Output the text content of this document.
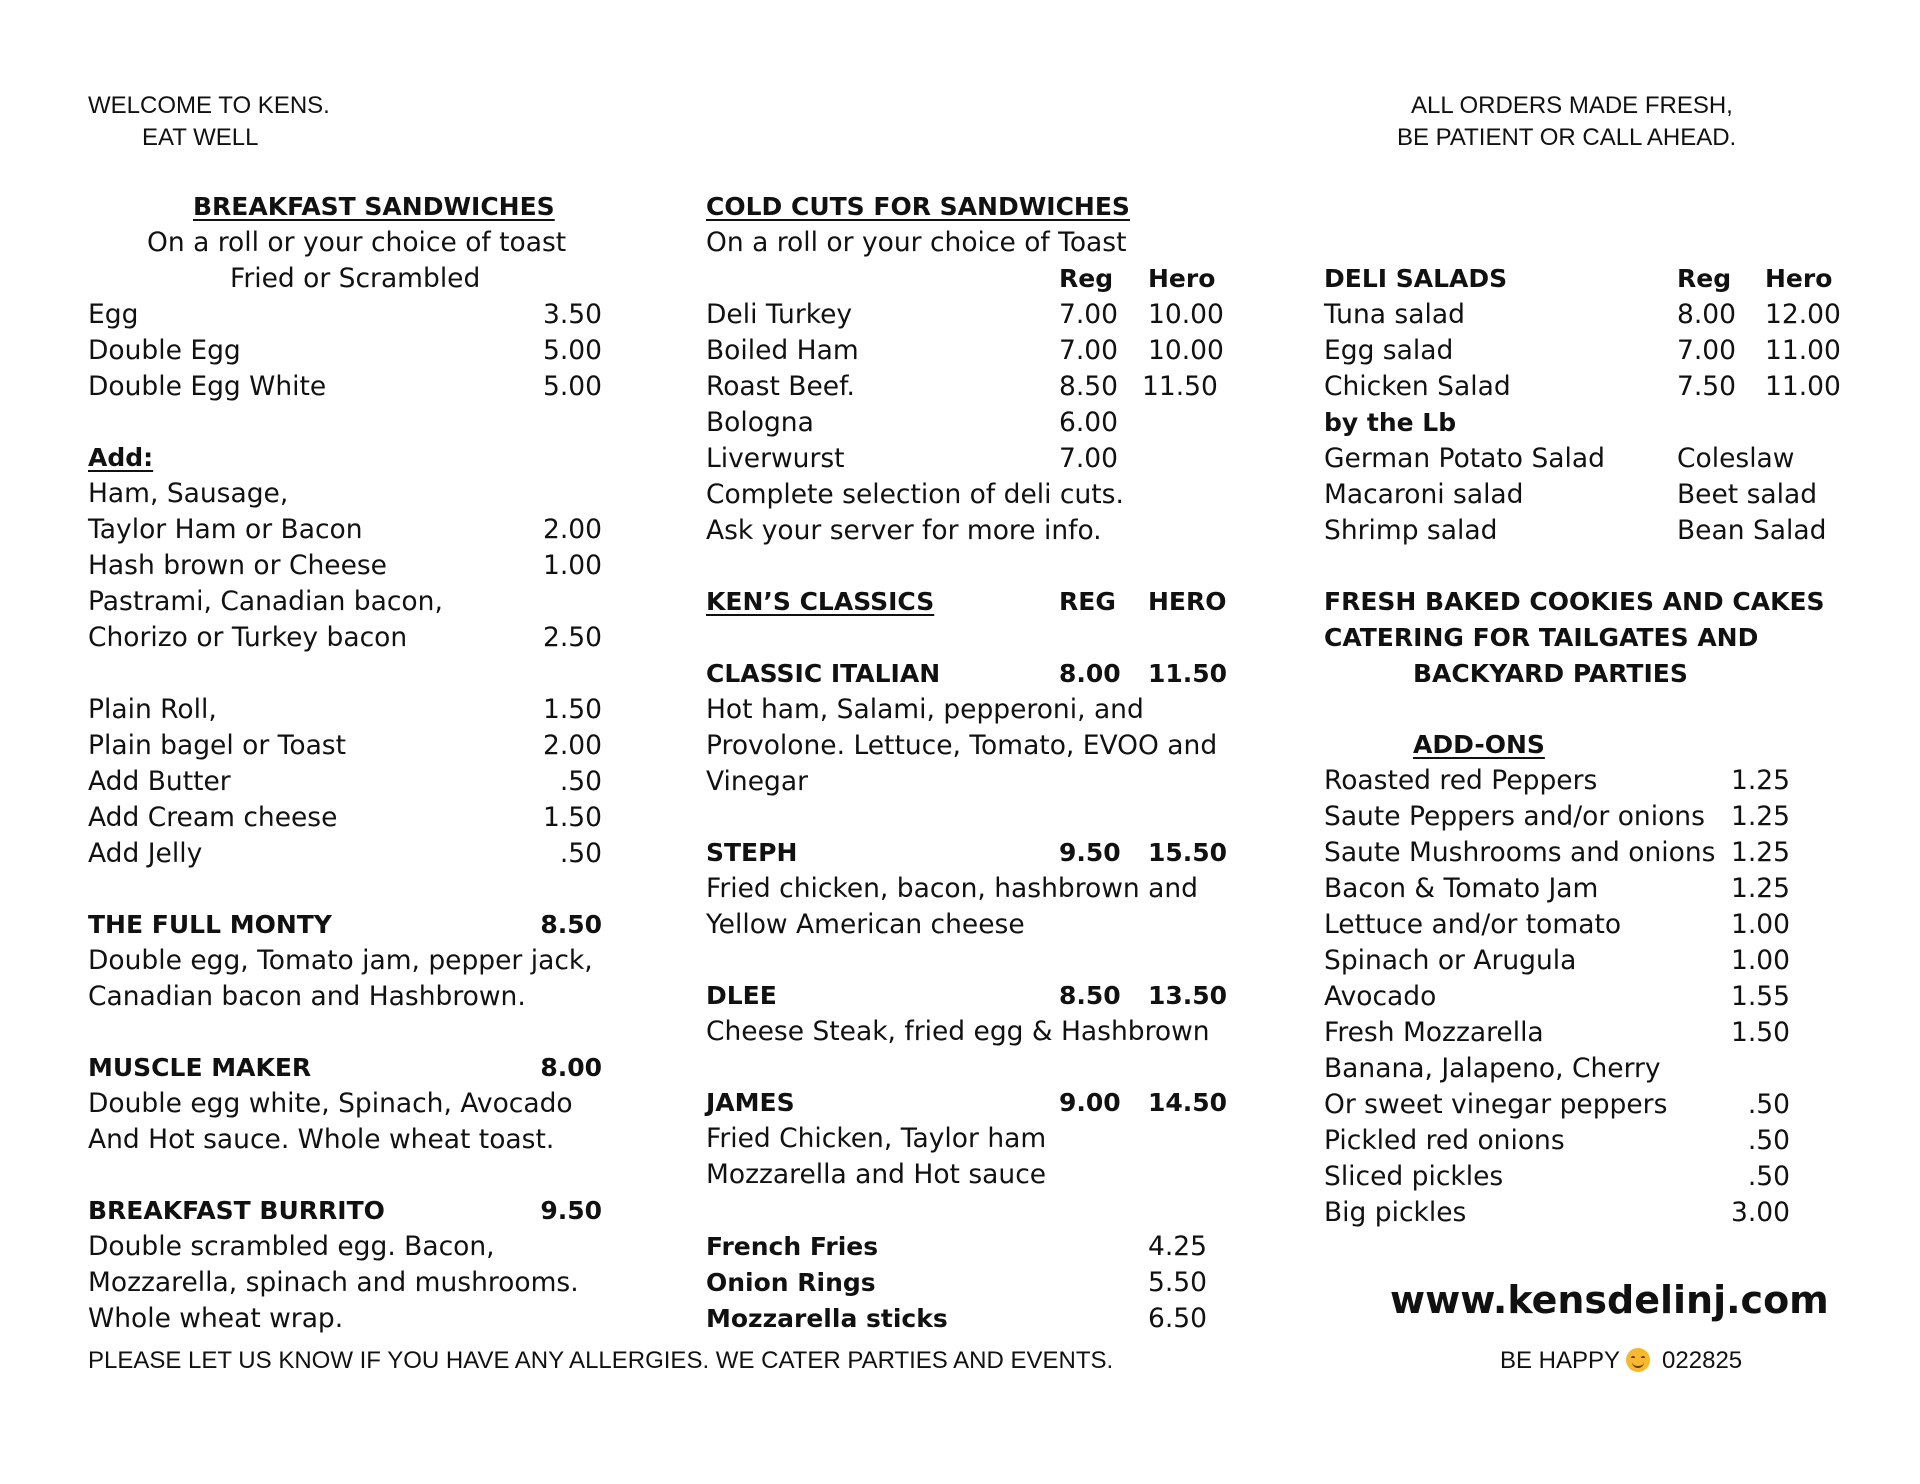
WELCOME TO KENS.
EAT WELL
ALL ORDERS MADE FRESH,
BE PATIENT OR CALL AHEAD.
BREAKFAST SANDWICHES
On a roll or your choice of toast
Fried or Scrambled
Egg	3.50
Double Egg	5.00
Double Egg White	5.00
Add:
Ham, Sausage,
Taylor Ham or Bacon	2.00
Hash brown or Cheese	1.00
Pastrami, Canadian bacon,
Chorizo or Turkey bacon	2.50
Plain Roll,	1.50
Plain bagel or Toast	2.00
Add Butter	.50
Add Cream cheese	1.50
Add Jelly	.50
THE FULL MONTY	8.50
Double egg, Tomato jam, pepper jack,
Canadian bacon and Hashbrown.
MUSCLE MAKER	8.00
Double egg white, Spinach, Avocado
And Hot sauce. Whole wheat toast.
BREAKFAST BURRITO	9.50
Double scrambled egg. Bacon,
Mozzarella, spinach and mushrooms.
Whole wheat wrap.
COLD CUTS FOR SANDWICHES
On a roll or your choice of Toast
Reg Hero
Deli Turkey	7.00 10.00
Boiled Ham	7.00 10.00
Roast Beef.	8.50 11.50
Bologna	6.00
Liverwurst	7.00
Complete selection of deli cuts.
Ask your server for more info.
KEN’S CLASSICS	REG HERO
CLASSIC ITALIAN	8.00 11.50
Hot ham, Salami, pepperoni, and
Provolone. Lettuce, Tomato, EVOO and
Vinegar
STEPH	9.50 15.50
Fried chicken, bacon, hashbrown and
Yellow American cheese
DLEE	8.50 13.50
Cheese Steak, fried egg & Hashbrown
JAMES	9.00 14.50
Fried Chicken, Taylor ham
Mozzarella and Hot sauce
French Fries	4.25
Onion Rings	5.50
Mozzarella sticks	6.50
DELI SALADS	Reg Hero
Tuna salad	8.00 12.00
Egg salad	7.00 11.00
Chicken Salad	7.50 11.00
by the Lb
German Potato Salad	Coleslaw
Macaroni salad	Beet salad
Shrimp salad	Bean Salad
FRESH BAKED COOKIES AND CAKES
CATERING FOR TAILGATES AND
BACKYARD PARTIES
ADD-ONS
Roasted red Peppers	1.25
Saute Peppers and/or onions 1.25
Saute Mushrooms and onions 1.25
Bacon & Tomato Jam	1.25
Lettuce and/or tomato	1.00
Spinach or Arugula	1.00
Avocado	1.55
Fresh Mozzarella	1.50
Banana, Jalapeno, Cherry
Or sweet vinegar peppers	.50
Pickled red onions	.50
Sliced pickles	.50
Big pickles	3.00
www.kensdelinj.com
PLEASE LET US KNOW IF YOU HAVE ANY ALLERGIES. WE CATER PARTIES AND EVENTS.	BE HAPPY 022825
